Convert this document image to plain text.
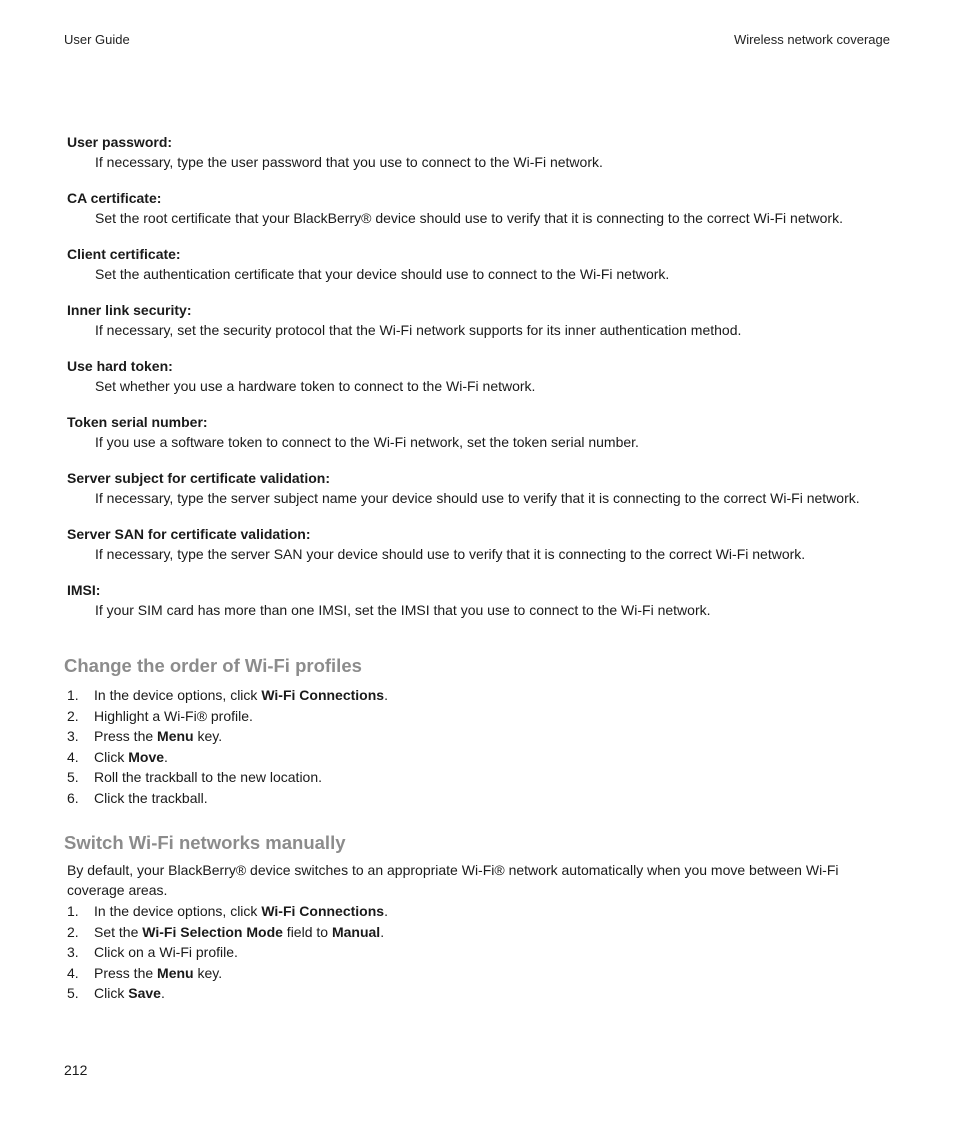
User Guide	Wireless network coverage
User password:
If necessary, type the user password that you use to connect to the Wi-Fi network.
CA certificate:
Set the root certificate that your BlackBerry® device should use to verify that it is connecting to the correct Wi-Fi network.
Client certificate:
Set the authentication certificate that your device should use to connect to the Wi-Fi network.
Inner link security:
If necessary, set the security protocol that the Wi-Fi network supports for its inner authentication method.
Use hard token:
Set whether you use a hardware token to connect to the Wi-Fi network.
Token serial number:
If you use a software token to connect to the Wi-Fi network, set the token serial number.
Server subject for certificate validation:
If necessary, type the server subject name your device should use to verify that it is connecting to the correct Wi-Fi network.
Server SAN for certificate validation:
If necessary, type the server SAN your device should use to verify that it is connecting to the correct Wi-Fi network.
IMSI:
If your SIM card has more than one IMSI, set the IMSI that you use to connect to the Wi-Fi network.
Change the order of Wi-Fi profiles
1. In the device options, click Wi-Fi Connections.
2. Highlight a Wi-Fi® profile.
3. Press the Menu key.
4. Click Move.
5. Roll the trackball to the new location.
6. Click the trackball.
Switch Wi-Fi networks manually

By default, your BlackBerry® device switches to an appropriate Wi-Fi® network automatically when you move between Wi-Fi coverage areas.

1. In the device options, click Wi-Fi Connections.
2. Set the Wi-Fi Selection Mode field to Manual.
3. Click on a Wi-Fi profile.
4. Press the Menu key.
5. Click Save.
212
